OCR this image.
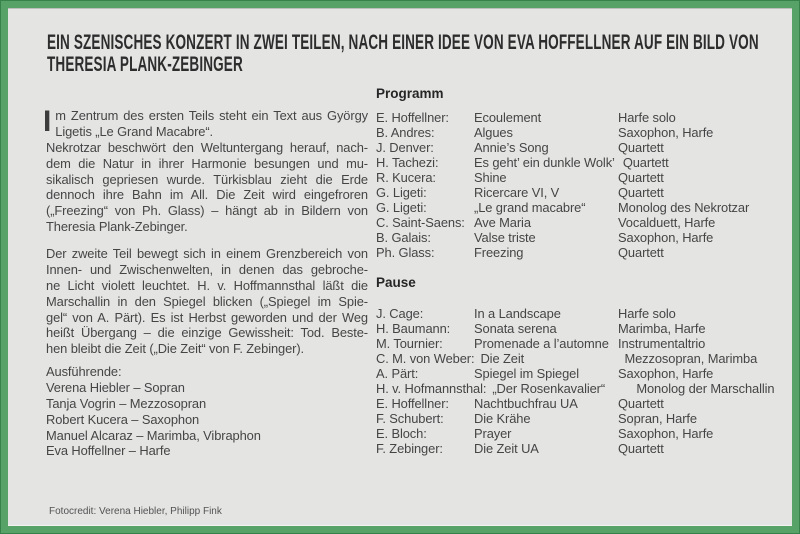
EIN SZENISCHES KONZERT IN ZWEI TEILEN, NACH EINER IDEE VON EVA HOFFELLNER AUF EIN BILD VON
THERESIA PLANK-ZEBINGER
I m Zentrum des ersten Teils steht ein Text aus György
Ligetis „Le Grand Macabre“.
Nekrotzar beschwört den Weltuntergang herauf, nach-
dem die Natur in ihrer Harmonie besungen und mu-
sikalisch gepriesen wurde. Türkisblau zieht die Erde
dennoch ihre Bahn im All. Die Zeit wird eingefroren
(„Freezing“ von Ph. Glass) – hängt ab in Bildern von
Theresia Plank-Zebinger.
Der zweite Teil bewegt sich in einem Grenzbereich von
Innen- und Zwischenwelten, in denen das gebroche-
ne Licht violett leuchtet. H. v. Hoffmannsthal läßt die
Marschallin in den Spiegel blicken („Spiegel im Spie-
gel“ von A. Pärt). Es ist Herbst geworden und der Weg
heißt Übergang – die einzige Gewissheit: Tod. Beste-
hen bleibt die Zeit („Die Zeit“ von F. Zebinger).
Ausführende:
Verena Hiebler – Sopran
Tanja Vogrin – Mezzosopran
Robert Kucera – Saxophon
Manuel Alcaraz – Marimba, Vibraphon
Eva Hoffellner – Harfe
Programm
E. Hoffellner:	Ecoulement	Harfe solo
B. Andres:	Algues	Saxophon, Harfe
J. Denver:	Annie’s Song	Quartett
H. Tachezi:	Es geht’ ein dunkle Wolk’ Quartett
R. Kucera:	Shine	Quartett
G. Ligeti:	Ricercare VI, V	Quartett
G. Ligeti:	„Le grand macabre“	Monolog des Nekrotzar
C. Saint-Saens: Ave Maria	Vocalduett, Harfe
B. Galais:	Valse triste	Saxophon, Harfe
Ph. Glass:	Freezing	Quartett
Pause
J. Cage:	In a Landscape	Harfe solo
H. Baumann:	Sonata serena	Marimba, Harfe
M. Tournier:	Promenade a l’automne Instrumentaltrio
C. M. von Weber: Die Zeit	Mezzosopran, Marimba
A. Pärt:	Spiegel im Spiegel	Saxophon, Harfe
H. v. Hofmannsthal: „Der Rosenkavalier“	Monolog der Marschallin
E. Hoffellner:	Nachtbuchfrau UA	Quartett
F. Schubert:	Die Krähe	Sopran, Harfe
E. Bloch:	Prayer	Saxophon, Harfe
F. Zebinger:	Die Zeit UA	Quartett
Fotocredit: Verena Hiebler, Philipp Fink
